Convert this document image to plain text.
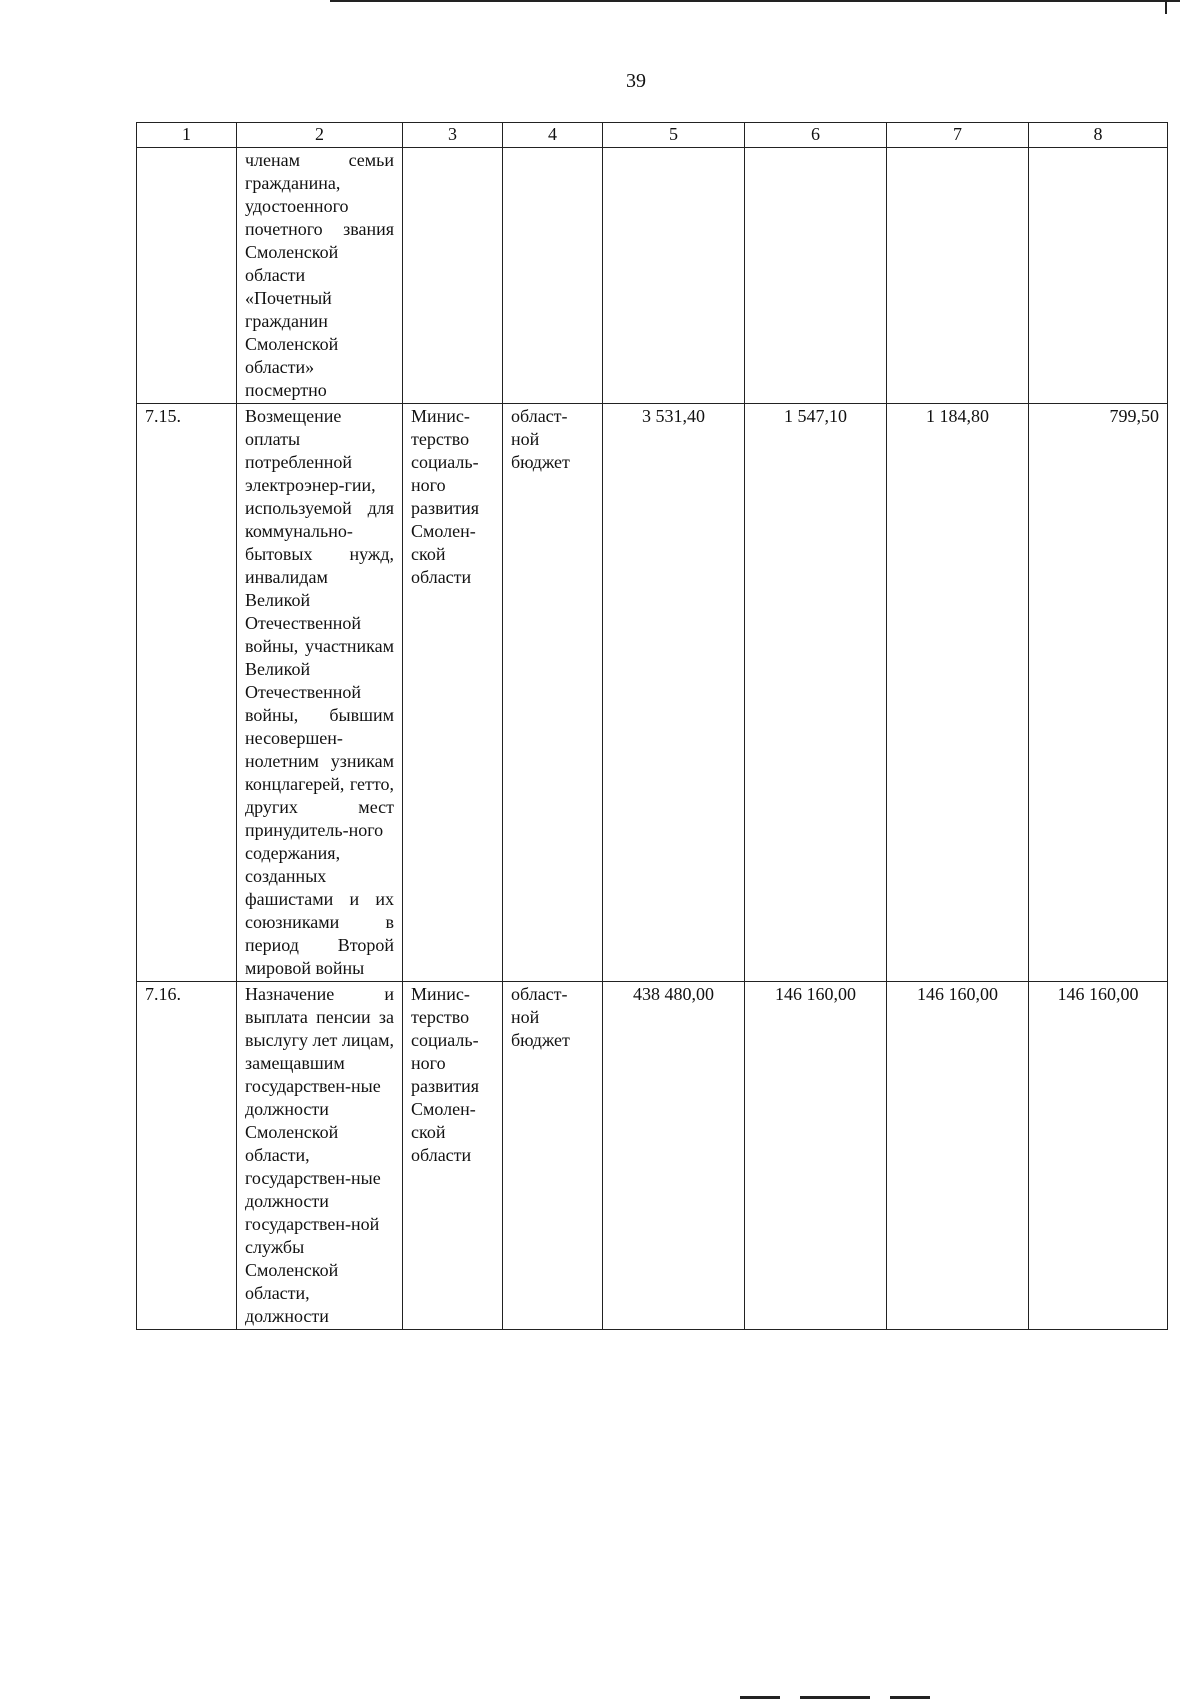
39
1	2	3	4	5	6	7	8
	членам семьи гражданина, удостоенного почетного звания Смоленской области «Почетный гражданин Смоленской области» посмертно						
7.15.	Возмещение оплаты потребленной электроэнер-гии, используемой для коммунально-бытовых нужд, инвалидам Великой Отечественной войны, участникам Великой Отечественной войны, бывшим несовершен-нолетним узникам концлагерей, гетто, других мест принудитель-ного содержания, созданных фашистами и их союзниками в период Второй мировой войны	Минис-терство социаль-ного развития Смолен-ской области	област-ной бюджет	3 531,40	1 547,10	1 184,80	799,50
7.16.	Назначение и выплата пенсии за выслугу лет лицам, замещавшим государствен-ные должности Смоленской области, государствен-ные должности государствен-ной службы Смоленской области, должности	Минис-терство социаль-ного развития Смолен-ской области	област-ной бюджет	438 480,00	146 160,00	146 160,00	146 160,00
